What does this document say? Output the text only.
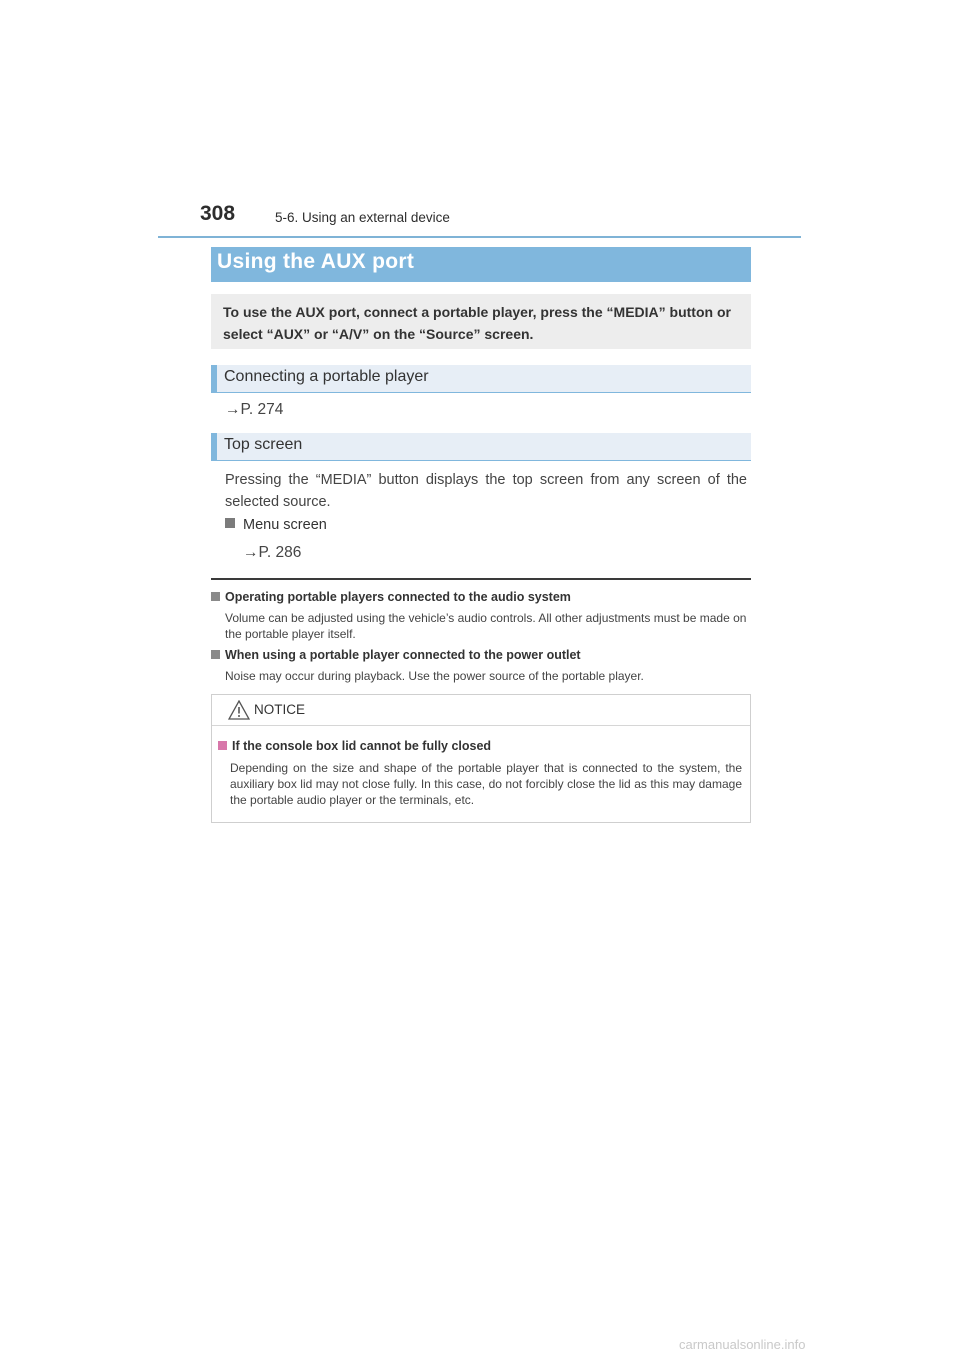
308	5-6. Using an external device
Using the AUX port
To use the AUX port, connect a portable player, press the “MEDIA” button or select “AUX” or “A/V” on the “Source” screen.
Connecting a portable player
→P. 274
Top screen
Pressing the “MEDIA” button displays the top screen from any screen of the selected source.
Menu screen
→P. 286
Operating portable players connected to the audio system
Volume can be adjusted using the vehicle’s audio controls. All other adjustments must be made on the portable player itself.
When using a portable player connected to the power outlet
Noise may occur during playback. Use the power source of the portable player.
NOTICE
If the console box lid cannot be fully closed
Depending on the size and shape of the portable player that is connected to the system, the auxiliary box lid may not close fully. In this case, do not forcibly close the lid as this may damage the portable audio player or the terminals, etc.
carmanualsonline.info
